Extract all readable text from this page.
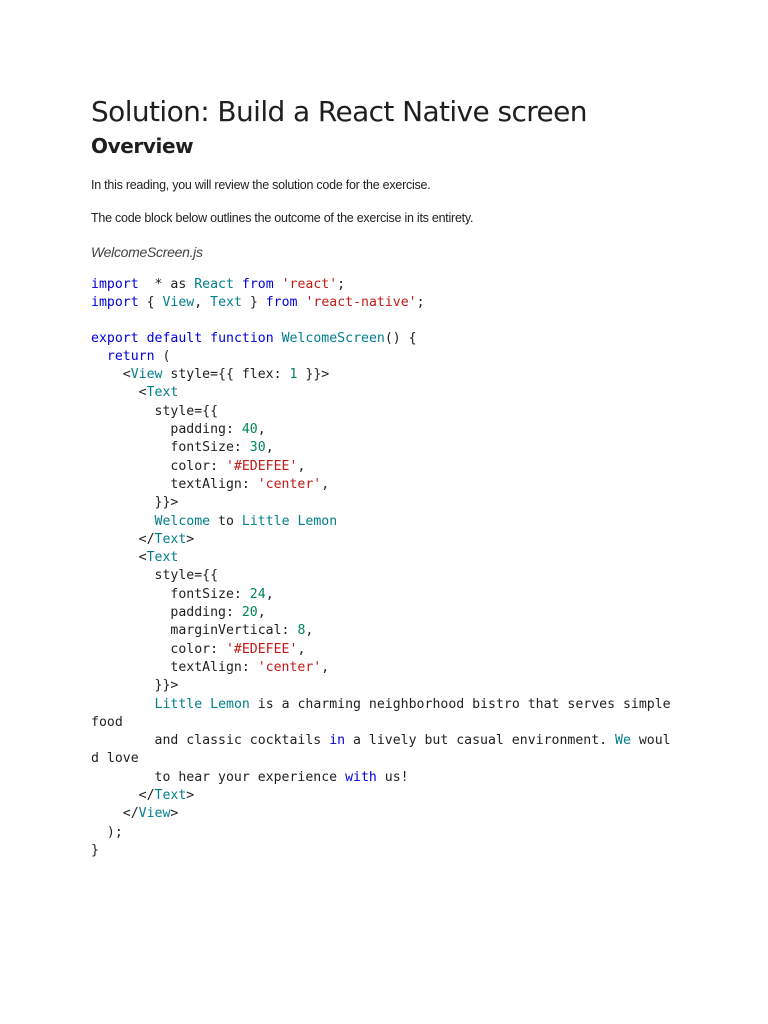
Solution: Build a React Native screen
Overview

In this reading, you will review the solution code for the exercise.

The code block below outlines the outcome of the exercise in its entirety.

WelcomeScreen.js

import  * as React from 'react';
import { View, Text } from 'react-native';
export default function WelcomeScreen() {
return (
<View style={{ flex: 1 }}>
<Text
style={{
padding: 40,
fontSize: 30,
color: '#EDEFEE',
textAlign: 'center',
}}>
Welcome to Little Lemon
</Text>
<Text
style={{
fontSize: 24,
padding: 20,
marginVertical: 8,
color: '#EDEFEE',
textAlign: 'center',
}}>
Little Lemon is a charming neighborhood bistro that serves simple
food
and classic cocktails in a lively but casual environment. We woul
d love
to hear your experience with us!
</Text>
</View>
);
}
